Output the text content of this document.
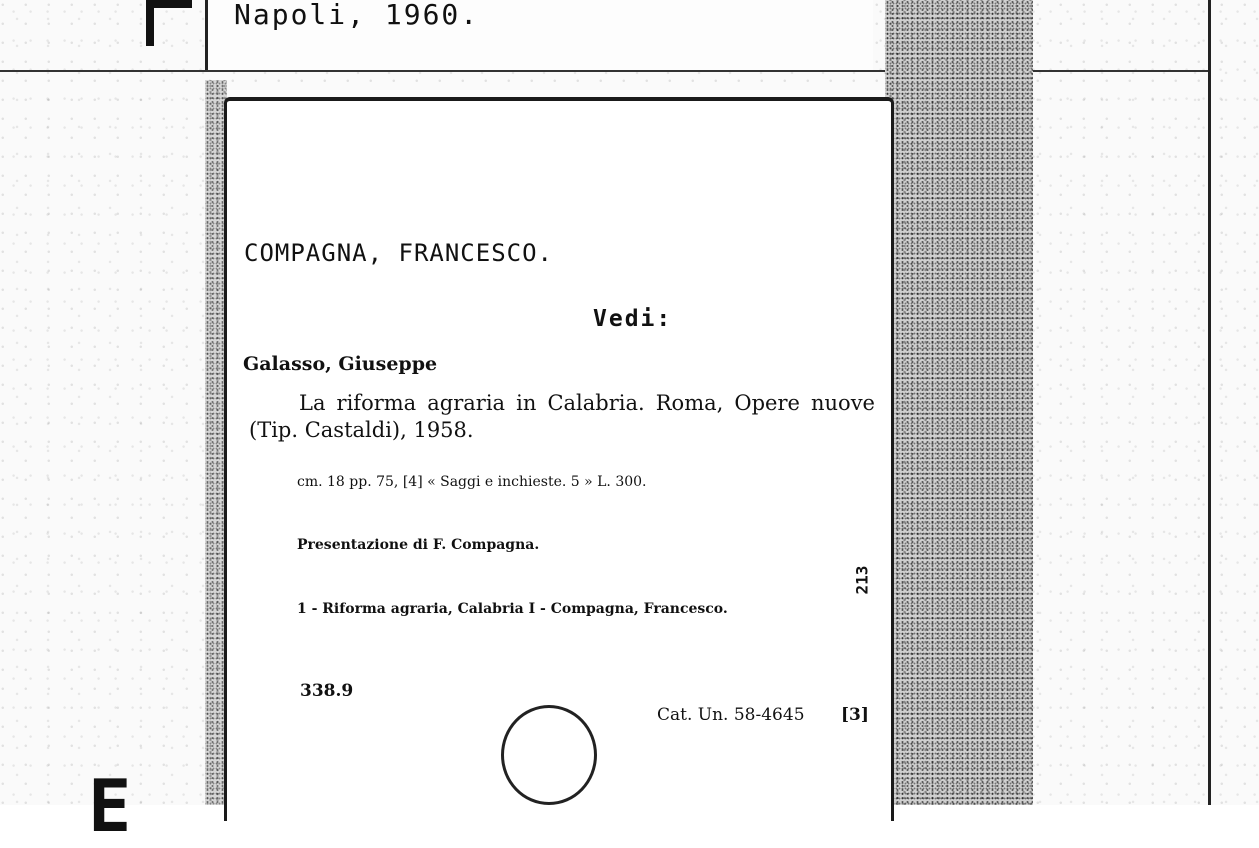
Napoli, 1960.
COMPAGNA, FRANCESCO.
Vedi:
Galasso, Giuseppe
La riforma agraria in Calabria. Roma, Opere nuove (Tip. Castaldi), 1958.
cm. 18 pp. 75, [4] « Saggi e inchieste. 5 » L. 300.
Presentazione di F. Compagna.
1 - Riforma agraria, Calabria I - Compagna, Francesco.
213
338.9
Cat. Un. 58-4645 [3]
E
